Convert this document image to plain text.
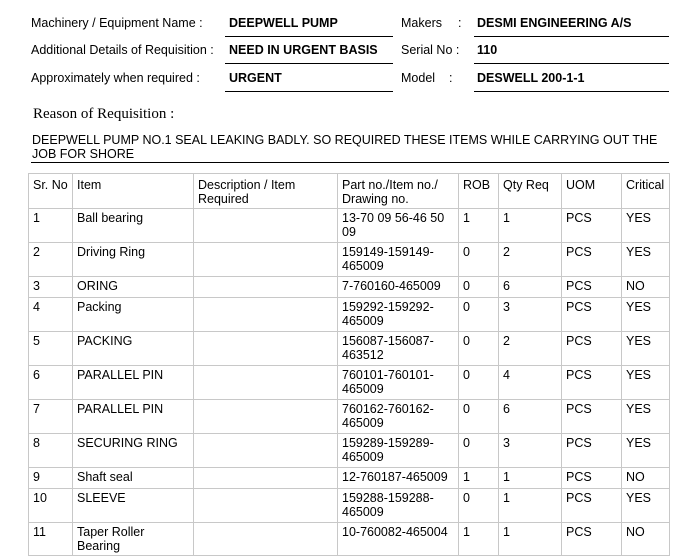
Machinery / Equipment Name : DEEPWELL PUMP	Makers : DESMI ENGINEERING A/S
Additional Details of Requisition : NEED IN URGENT BASIS Serial No : 110
Approximately when required : URGENT	Model : DESWELL 200-1-1
Reason of Requisition :
DEEPWELL PUMP NO.1 SEAL LEAKING BADLY. SO REQUIRED THESE ITEMS WHILE CARRYING OUT THE JOB FOR SHORE
Sr. No	Item	Description / Item Required	Part no./Item no./ Drawing no.	ROB	Qty Req	UOM	Critical
1	Ball bearing		13-70 09 56-46 50 09	1	1	PCS	YES
2	Driving Ring		159149-159149-465009	0	2	PCS	YES
3	ORING		7-760160-465009	0	6	PCS	NO
4	Packing		159292-159292-465009	0	3	PCS	YES
5	PACKING		156087-156087-463512	0	2	PCS	YES
6	PARALLEL PIN		760101-760101-465009	0	4	PCS	YES
7	PARALLEL PIN		760162-760162-465009	0	6	PCS	YES
8	SECURING RING		159289-159289-465009	0	3	PCS	YES
9	Shaft seal		12-760187-465009	1	1	PCS	NO
10	SLEEVE		159288-159288-465009	0	1	PCS	YES
11	Taper Roller Bearing		10-760082-465004	1	1	PCS	NO
